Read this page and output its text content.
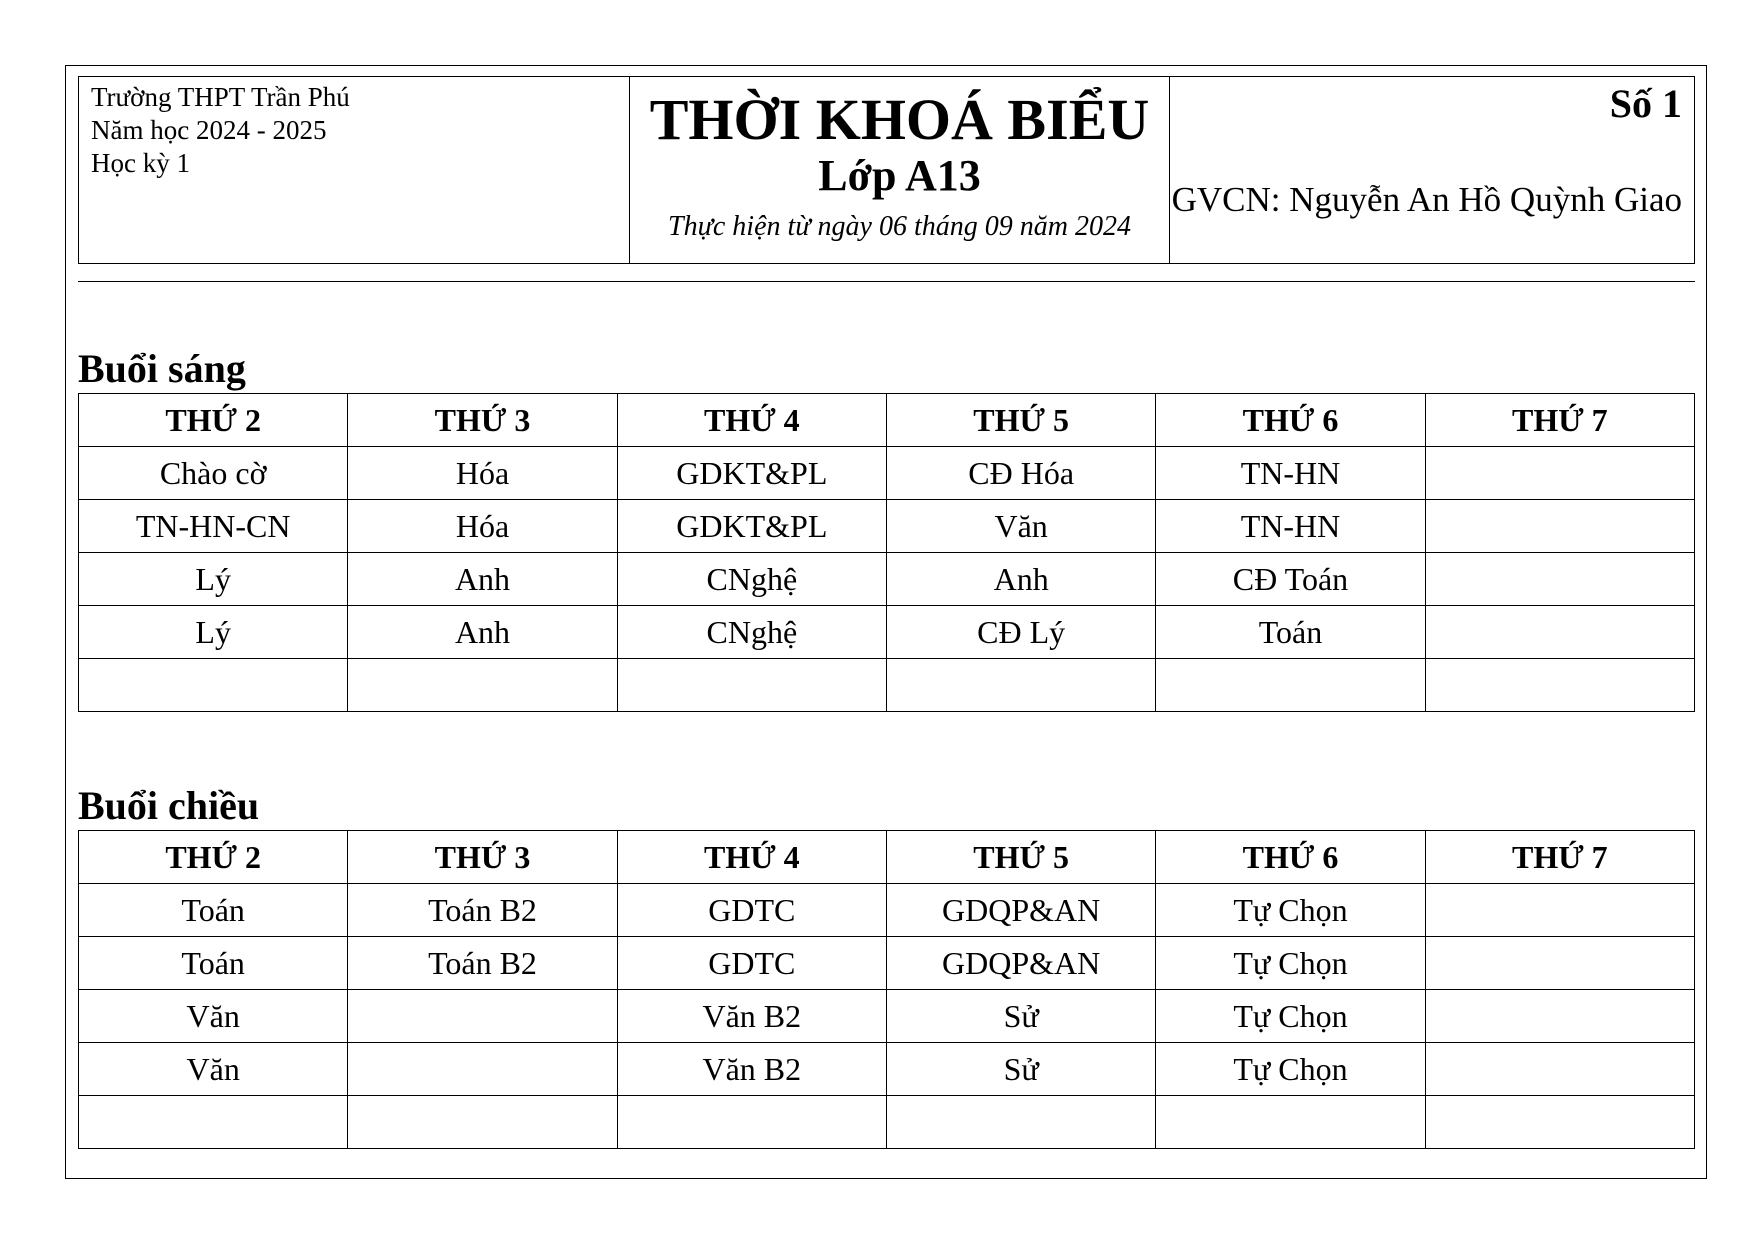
Trường THPT Trần Phú
Năm học 2024 - 2025
Học kỳ 1

THỜI KHOÁ BIỂU
Lớp A13
Thực hiện từ ngày 06 tháng 09 năm 2024

Số 1
GVCN: Nguyễn An Hồ Quỳnh Giao
Buổi sáng
THỨ 2	THỨ 3	THỨ 4	THỨ 5	THỨ 6	THỨ 7
Chào cờ	Hóa	GDKT&PL	CĐ Hóa	TN-HN	
TN-HN-CN	Hóa	GDKT&PL	Văn	TN-HN	
Lý	Anh	CNghệ	Anh	CĐ Toán	
Lý	Anh	CNghệ	CĐ Lý	Toán	

Buổi chiều
THỨ 2	THỨ 3	THỨ 4	THỨ 5	THỨ 6	THỨ 7
Toán	Toán B2	GDTC	GDQP&AN	Tự Chọn	
Toán	Toán B2	GDTC	GDQP&AN	Tự Chọn	
Văn		Văn B2	Sử	Tự Chọn	
Văn		Văn B2	Sử	Tự Chọn	
